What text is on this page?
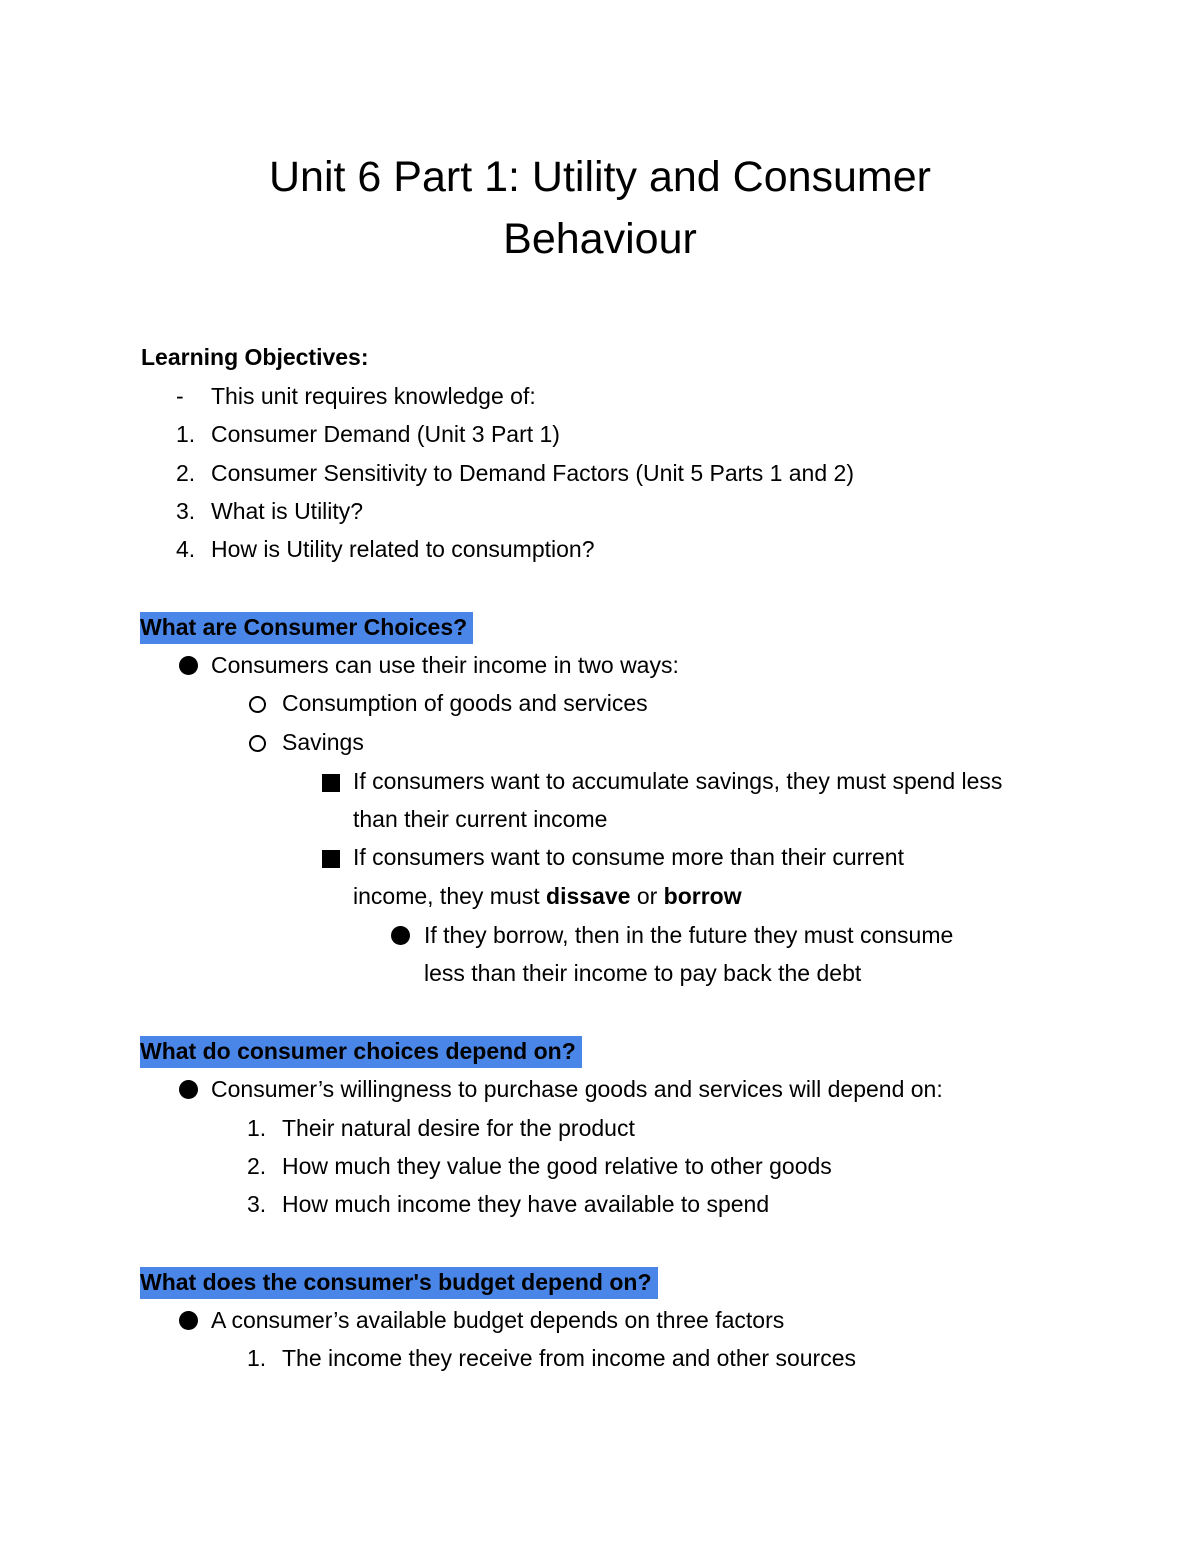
Unit 6 Part 1: Utility and Consumer
Behaviour
Learning Objectives:
- This unit requires knowledge of:
1. Consumer Demand (Unit 3 Part 1)
2. Consumer Sensitivity to Demand Factors (Unit 5 Parts 1 and 2)
3. What is Utility?
4. How is Utility related to consumption?
What are Consumer Choices?
Consumers can use their income in two ways:
Consumption of goods and services
Savings
If consumers want to accumulate savings, they must spend less
than their current income
If consumers want to consume more than their current
income, they must dissave or borrow
If they borrow, then in the future they must consume
less than their income to pay back the debt
What do consumer choices depend on?
Consumer’s willingness to purchase goods and services will depend on:
1. Their natural desire for the product
2. How much they value the good relative to other goods
3. How much income they have available to spend
What does the consumer's budget depend on?
A consumer’s available budget depends on three factors
1. The income they receive from income and other sources
